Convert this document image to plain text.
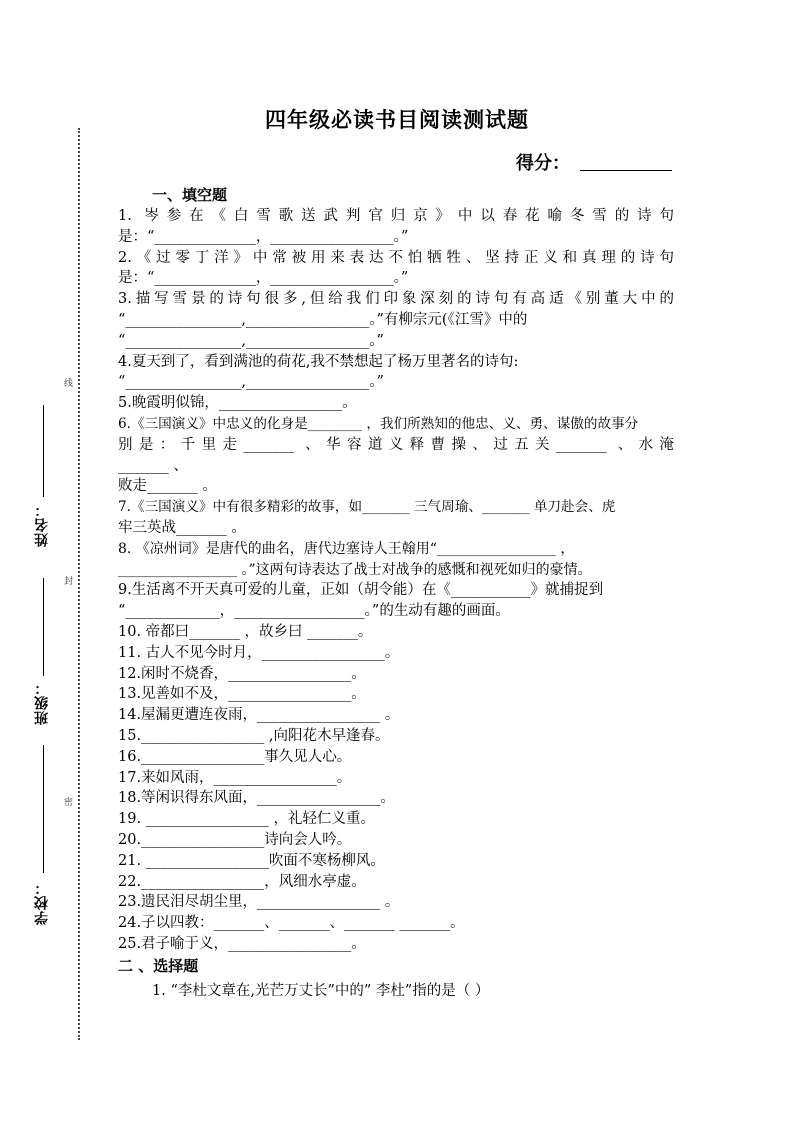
线
封
密
姓名：
班级：
学校：
四年级必读书目阅读测试题
得分：
一、填空题
1. 岑参在《白雪歌送武判官归京》中以春花喻冬雪的诗句
是：“______________，_________________。”
2.《过零丁洋》中常被用来表达不怕牺牲、坚持正义和真理的诗句
是：“______________，_________________。”
3.描写雪景的诗句很多,但给我们印象深刻的诗句有高适《别董大中的
“________________,_________________。”有柳宗元(《江雪》中的
“________________,_________________。”
4.夏天到了，看到满池的荷花,我不禁想起了杨万里著名的诗句:
“________________,_________________。”
5.晚霞明似锦，_________________。
6.《三国演义》中忠义的化身是________ ，我们所熟知的他忠、义、勇、谋傲的故事分
别是：千里走_______ 、华容道义释曹操、过五关_______ 、水淹
_______ 、
败走_______ 。
7.《三国演义》中有很多精彩的故事，如_______ 三气周瑜、_______ 单刀赴会、虎
牢三英战_______ 。
8. 《凉州词》是唐代的曲名，唐代边塞诗人王翰用“_________________ ，
_________________ 。”这两句诗表达了战士对战争的感慨和视死如归的豪情。
9.生活离不开天真可爱的儿童，正如（胡令能）在《___________》就捕捉到
“_____________，__________________。”的生动有趣的画面。
10. 帝都曰_______ ，故乡曰 _______。
11. 古人不见今时月，_________________。
12.闲时不烧香，_________________。
13.见善如不及，_________________。
14.屋漏更遭连夜雨，_________________ 。
15._________________ ,向阳花木早逢春。
16._________________事久见人心。
17.来如风雨，_________________。
18.等闲识得东风面，_________________。
19. _________________ ，礼轻仁义重。
20._________________诗向会人吟。
21. _________________吹面不寒杨柳风。
22._________________，风细水亭虚。
23.遗民泪尽胡尘里，_________________ 。
24.子以四教：_______、_______、_______ _______。
25.君子喻于义，_________________。
二 、选择题
1. “李杜文章在,光芒万丈长”中的” 李杜”指的是（ ）
